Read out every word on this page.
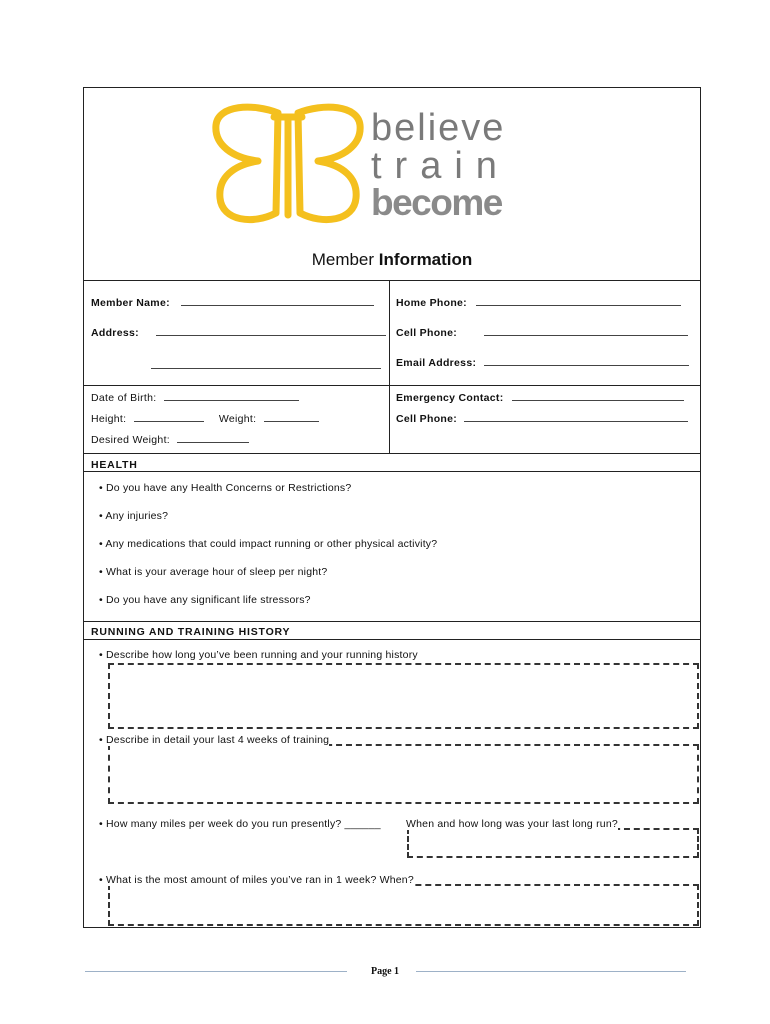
believe
train
become
Member Information
Member Name:
Address:
Home Phone:
Cell Phone:
Email Address:
Date of Birth:
Height:	Weight:
Desired Weight:
Emergency Contact:
Cell Phone:
HEALTH
• Do you have any Health Concerns or Restrictions?
• Any injuries?
• Any medications that could impact running or other physical activity?
• What is your average hour of sleep per night?
• Do you have any significant life stressors?
RUNNING AND TRAINING HISTORY
• Describe how long you’ve been running and your running history
• Describe in detail your last 4 weeks of training
• How many miles per week do you run presently? ______ When and how long was your last long run?
• What is the most amount of miles you’ve ran in 1 week? When?
Page 1
